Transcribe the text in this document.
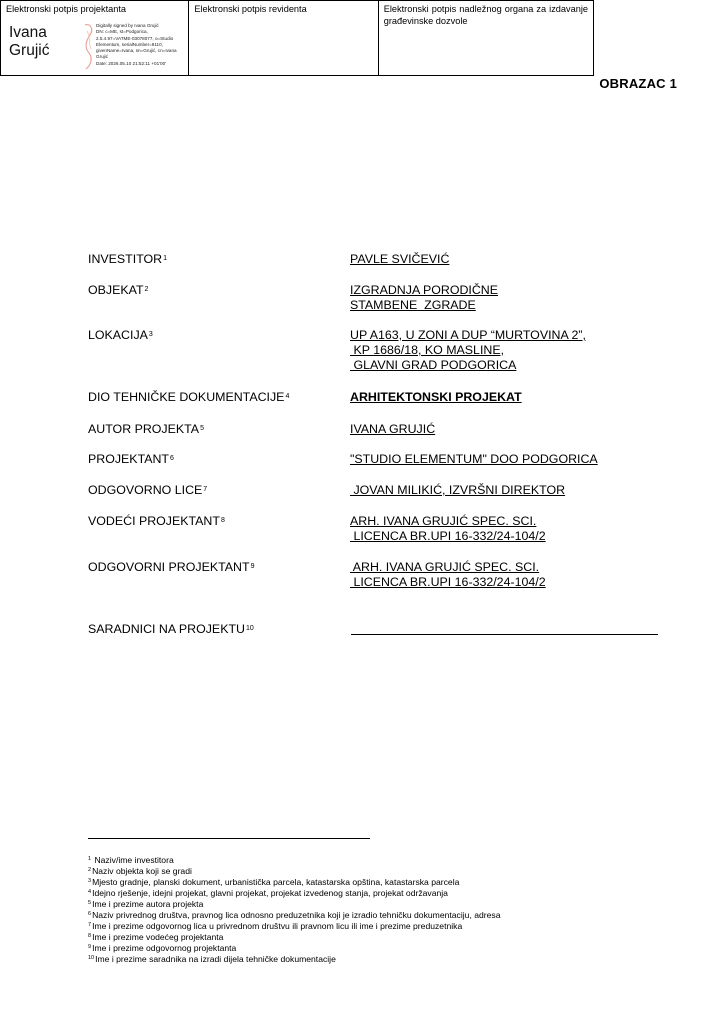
OBRAZAC 1
Elektronski potpis projektanta
Ivana
Grujić
Digitally signed by Ivana Grujić
DN: c=ME, st=Podgorica,
2.5.4.97=VATME-03078077, o=Studio
Elementum, serialNumber=8110,
givenName=Ivana, sn=Grujić, cn=Ivana
Grujić
Date: 2026.05.10 21:52:11 +01'00'
Elektronski potpis revidenta	Elektronski potpis nadležnog organa za izdavanje građevinske dozvole
INVESTITOR$^1$	PAVLE SVIČEVIĆ
OBJEKAT$^2$	IZGRADNJA PORODIČNE
STAMBENE  ZGRADE
LOKACIJA$^3$	UP A163, U ZONI A DUP “MURTOVINA 2”,
KP 1686/18, KO MASLINE,
GLAVNI GRAD PODGORICA
DIO TEHNIČKE DOKUMENTACIJE$^4$	ARHITEKTONSKI PROJEKAT
AUTOR PROJEKTA$^5$	IVANA GRUJIĆ
PROJEKTANT$^6$	"STUDIO ELEMENTUM" DOO PODGORICA
ODGOVORNO LICE$^7$	JOVAN MILIKIĆ, IZVRŠNI DIREKTOR
VODEĆI PROJEKTANT$^8$	ARH. IVANA GRUJIĆ SPEC. SCI.
LICENCA BR.UPI 16-332/24-104/2
ODGOVORNI PROJEKTANT$^9$	ARH. IVANA GRUJIĆ SPEC. SCI.
LICENCA BR.UPI 16-332/24-104/2
SARADNICI NA PROJEKTU$^{10}$
$^1$ Naziv/ime investitora
$^2$Naziv objekta koji se gradi
$^3$Mjesto gradnje, planski dokument, urbanistička parcela, katastarska opština, katastarska parcela
$^4$Idejno rješenje, idejni projekat, glavni projekat, projekat izvedenog stanja, projekat održavanja
$^5$Ime i prezime autora projekta
$^6$Naziv privrednog društva, pravnog lica odnosno preduzetnika koji je izradio tehničku dokumentaciju, adresa
$^7$Ime i prezime odgovornog lica u privrednom društvu ili pravnom licu ili ime i prezime preduzetnika
$^8$Ime i prezime vodećeg projektanta
$^9$Ime i prezime odgovornog projektanta
$^{10}$Ime i prezime saradnika na izradi dijela tehničke dokumentacije
